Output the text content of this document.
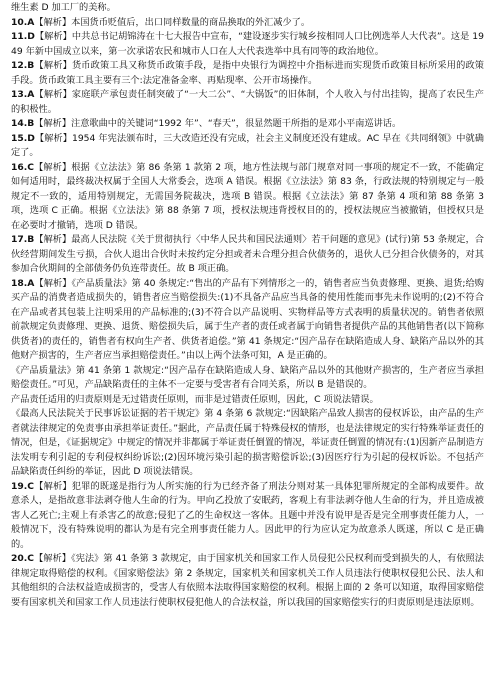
维生素 D 加工厂的美称。

10.A【解析】本国货币贬值后，出口同样数量的商品换取的外汇减少了。

11.D【解析】中共总书记胡锦涛在十七大报告中宣布，“建设逐步实行城乡按相同人口比例选举人大代表”。这是 1949 年新中国成立以来，第一次承诺农民和城市人口在人大代表选举中具有同等的政治地位。

12.B【解析】货币政策工具又称货币政策手段，是指中央银行为调控中介指标进而实现货币政策目标所采用的政策手段。货币政策工具主要有三个:法定准备金率、再贴现率、公开市场操作。

13.A【解析】家庭联产承包责任制突破了“一大二公”、“大锅饭”的旧体制，个人收入与付出挂钩，提高了农民生产的积极性。

14.B【解析】注意歌曲中的关键词“1992 年”、“春天”，很显然题干所指的是邓小平南巡讲话。

15.D【解析】1954 年宪法颁布时，三大改造还没有完成，社会主义制度还没有建成。AC 早在《共同纲领》中就确定了。

16.C【解析】根据《立法法》第 86 条第 1 款第 2 项，地方性法规与部门规章对同一事项的规定不一致，不能确定如何适用时，最终裁决权属于全国人大常委会，选项 A 错误。根据《立法法》第 83 条，行政法规的特别规定与一般规定不一致的，适用特别规定，无需国务院裁决，选项 B 错误。根据《立法法》第 87 条第 4 项和第 88 条第 3 项，选项 C 正确。根据《立法法》第 88 条第 7 项，授权法规违背授权目的的，授权法规应当被撤销，但授权只是在必要时才撤销，选项 D 错误。

17.B【解析】最高人民法院《关于贯彻执行〈中华人民共和国民法通则〉若干问题的意见》(试行)第 53 条规定，合伙经营期间发生亏损，合伙人退出合伙时未按约定分担或者未合理分担合伙债务的，退伙人已分担合伙债务的，对其参加合伙期间的全部债务仍负连带责任。故 B 项正确。

18.A【解析】《产品质量法》第 40 条规定:“售出的产品有下列情形之一的，销售者应当负责修理、更换、退货;给购买产品的消费者造成损失的，销售者应当赔偿损失:(1)不具备产品应当具备的使用性能而事先未作说明的;(2)不符合在产品或者其包装上注明采用的产品标准的;(3)不符合以产品说明、实物样品等方式表明的质量状况的。销售者依照前款规定负责修理、更换、退货、赔偿损失后，属于生产者的责任或者属于向销售者提供产品的其他销售者(以下简称供货者)的责任的，销售者有权向生产者、供货者追偿。”第 41 条规定:“因产品存在缺陷造成人身、缺陷产品以外的其他财产损害的，生产者应当承担赔偿责任。”由以上两个法条可知，A 是正确的。

《产品质量法》第 41 条第 1 款规定:“因产品存在缺陷造成人身、缺陷产品以外的其他财产损害的，生产者应当承担赔偿责任。”可见，产品缺陷责任的主体不一定要与受害者有合同关系，所以 B 是错误的。

产品责任适用的归责原则是无过错责任原则，而非是过错责任原则，因此，C 项说法错误。

《最高人民法院关于民事诉讼证据的若干规定》第 4 条第 6 款规定:“因缺陷产品致人损害的侵权诉讼，由产品的生产者就法律规定的免责事由承担举证责任。”据此，产品责任属于特殊侵权的情形，也是法律规定的实行特殊举证责任的情况，但是，《证据规定》中规定的情况并非都属于举证责任倒置的情况，举证责任倒置的情况有:(1)因新产品制造方法发明专利引起的专利侵权纠纷诉讼;(2)因环境污染引起的损害赔偿诉讼;(3)因医疗行为引起的侵权诉讼。不包括产品缺陷责任纠纷的举证，因此 D 项说法错误。

19.C【解析】犯罪的既遂是指行为人所实施的行为已经齐备了刑法分则对某一具体犯罪所规定的全部构成要件。故意杀人，是指故意非法剥夺他人生命的行为。甲向乙投放了安眠药，客观上有非法剥夺他人生命的行为，并且造成被害人乙死亡;主观上有杀害乙的故意;侵犯了乙的生命权这一客体。且题中并没有说甲是否是完全刑事责任能力人，一般情况下，没有特殊说明的都认为是有完全刑事责任能力人。因此甲的行为应认定为故意杀人既遂，所以 C 是正确的。

20.C【解析】《宪法》第 41 条第 3 款规定，由于国家机关和国家工作人员侵犯公民权利而受到损失的人，有依照法律规定取得赔偿的权利。《国家赔偿法》第 2 条规定，国家机关和国家机关工作人员违法行使职权侵犯公民、法人和其他组织的合法权益造成损害的，受害人有依照本法取得国家赔偿的权利。根据上面的 2 条可以知道，取得国家赔偿要有国家机关和国家工作人员违法行使职权侵犯他人的合法权益，所以我国的国家赔偿实行的归责原则是违法原则。
